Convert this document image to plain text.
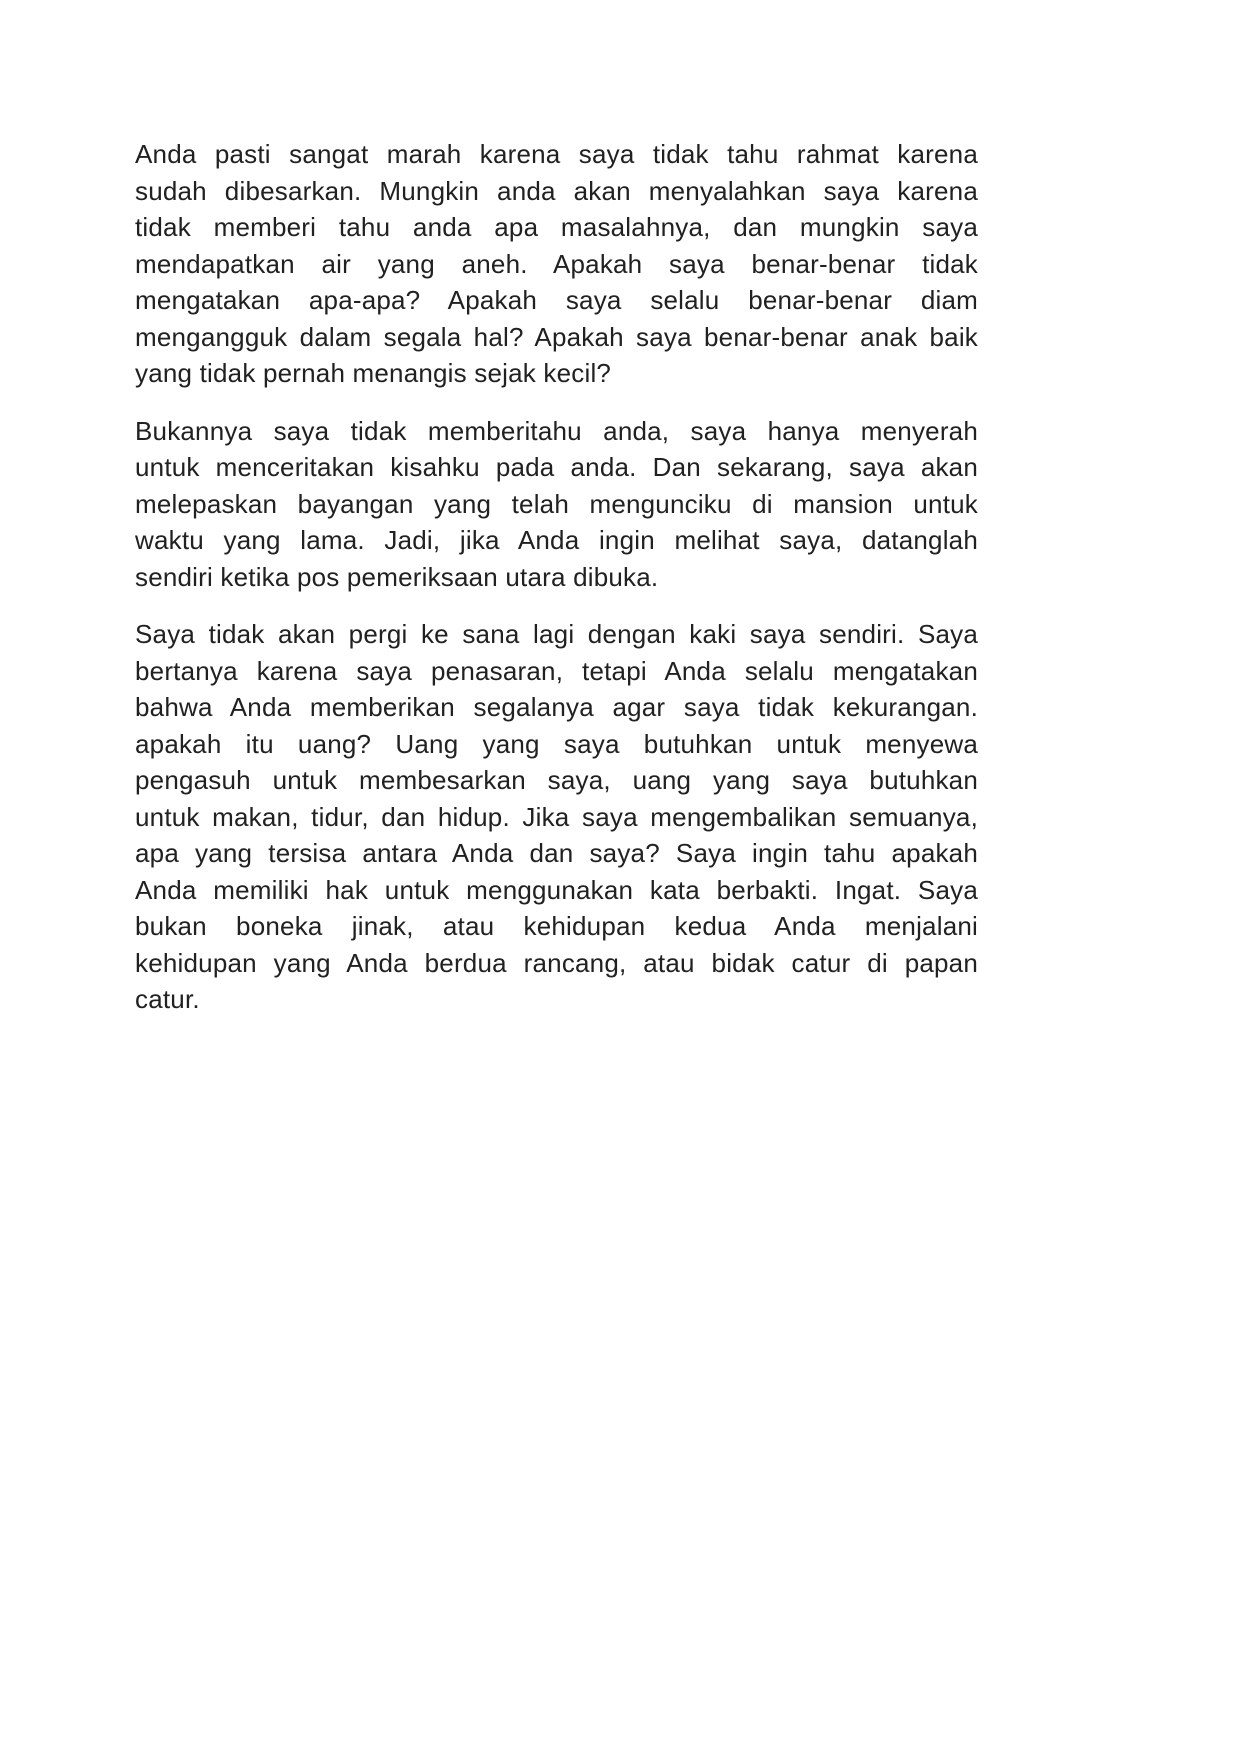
Anda pasti sangat marah karena saya tidak tahu rahmat karena
sudah dibesarkan. Mungkin anda akan menyalahkan saya karena
tidak memberi tahu anda apa masalahnya, dan mungkin saya
mendapatkan air yang aneh. Apakah saya benar-benar tidak
mengatakan apa-apa? Apakah saya selalu benar-benar diam
mengangguk dalam segala hal? Apakah saya benar-benar anak baik
yang tidak pernah menangis sejak kecil?
Bukannya saya tidak memberitahu anda, saya hanya menyerah
untuk menceritakan kisahku pada anda. Dan sekarang, saya akan
melepaskan bayangan yang telah mengunciku di mansion untuk
waktu yang lama. Jadi, jika Anda ingin melihat saya, datanglah
sendiri ketika pos pemeriksaan utara dibuka.
Saya tidak akan pergi ke sana lagi dengan kaki saya sendiri. Saya
bertanya karena saya penasaran, tetapi Anda selalu mengatakan
bahwa Anda memberikan segalanya agar saya tidak kekurangan.
apakah itu uang? Uang yang saya butuhkan untuk menyewa
pengasuh untuk membesarkan saya, uang yang saya butuhkan
untuk makan, tidur, dan hidup. Jika saya mengembalikan semuanya,
apa yang tersisa antara Anda dan saya? Saya ingin tahu apakah
Anda memiliki hak untuk menggunakan kata berbakti. Ingat. Saya
bukan boneka jinak, atau kehidupan kedua Anda menjalani
kehidupan yang Anda berdua rancang, atau bidak catur di papan
catur.
